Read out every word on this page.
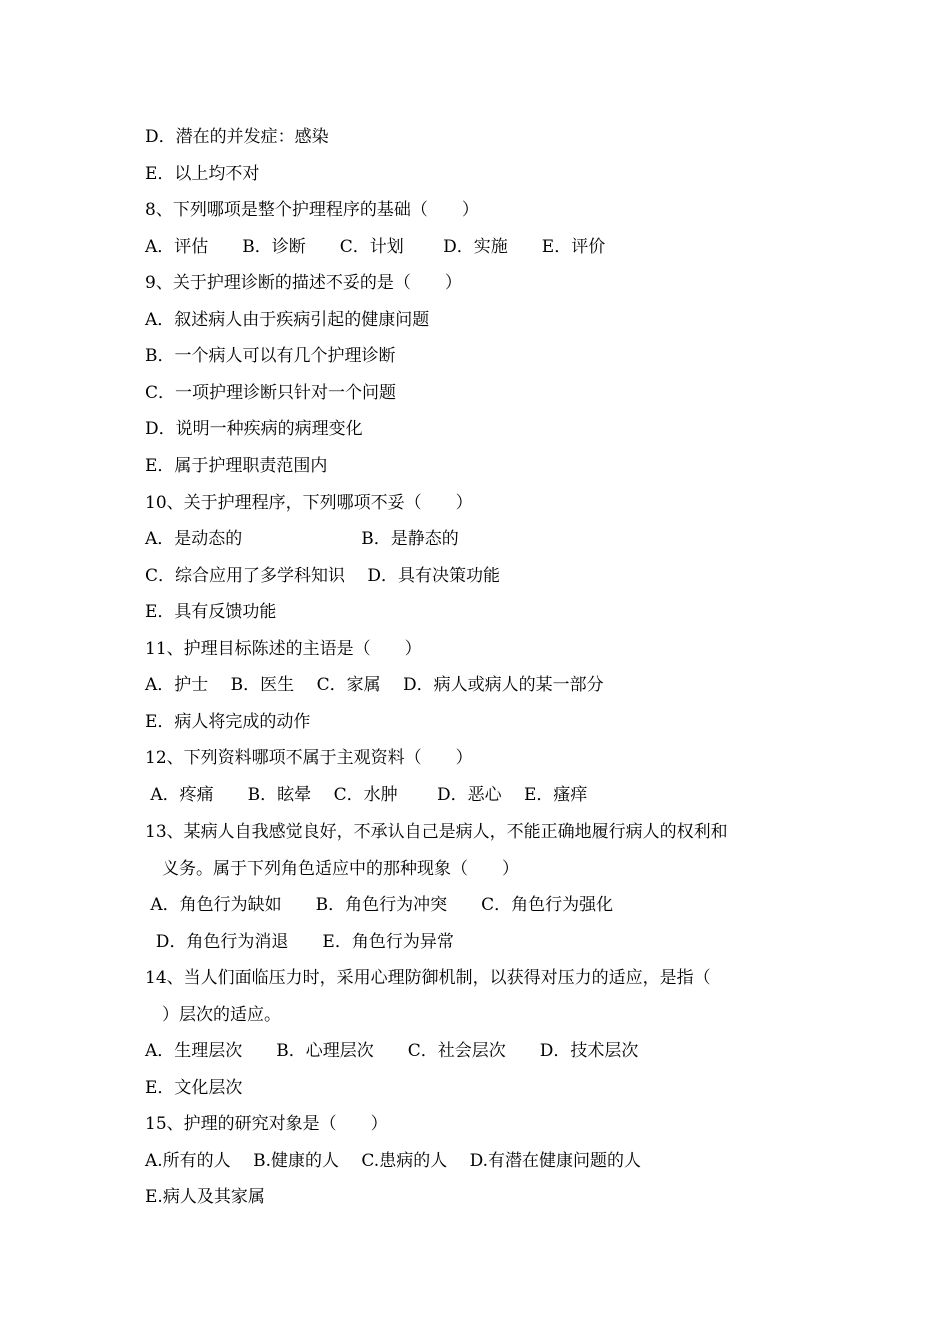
D．潜在的并发症：感染
E．以上均不对
8、下列哪项是整个护理程序的基础（　　）
A．评估　　B．诊断　　C．计划　　 D．实施　　E．评价
9、关于护理诊断的描述不妥的是（　　）
A．叙述病人由于疾病引起的健康问题
B．一个病人可以有几个护理诊断
C．一项护理诊断只针对一个问题
D．说明一种疾病的病理变化
E．属于护理职责范围内
10、关于护理程序，下列哪项不妥（　　）
A．是动态的　　　　　　　B．是静态的
C．综合应用了多学科知识　 D．具有决策功能
E．具有反馈功能
11、护理目标陈述的主语是（　　）
A．护士　 B．医生　 C．家属　 D．病人或病人的某一部分
E．病人将完成的动作
12、下列资料哪项不属于主观资料（　　）
A．疼痛　　B．眩晕　 C．水肿　　 D．恶心　 E．瘙痒
13、某病人自我感觉良好，不承认自己是病人，不能正确地履行病人的权利和
　义务。属于下列角色适应中的那种现象（　　）
A．角色行为缺如　　B．角色行为冲突　　C．角色行为强化
D．角色行为消退　　E．角色行为异常
14、当人们面临压力时，采用心理防御机制，以获得对压力的适应，是指（
　）层次的适应。
A．生理层次　　B．心理层次　　C．社会层次　　D．技术层次
E．文化层次
15、护理的研究对象是（　　）
A.所有的人　 B.健康的人　 C.患病的人　 D.有潜在健康问题的人
E.病人及其家属
